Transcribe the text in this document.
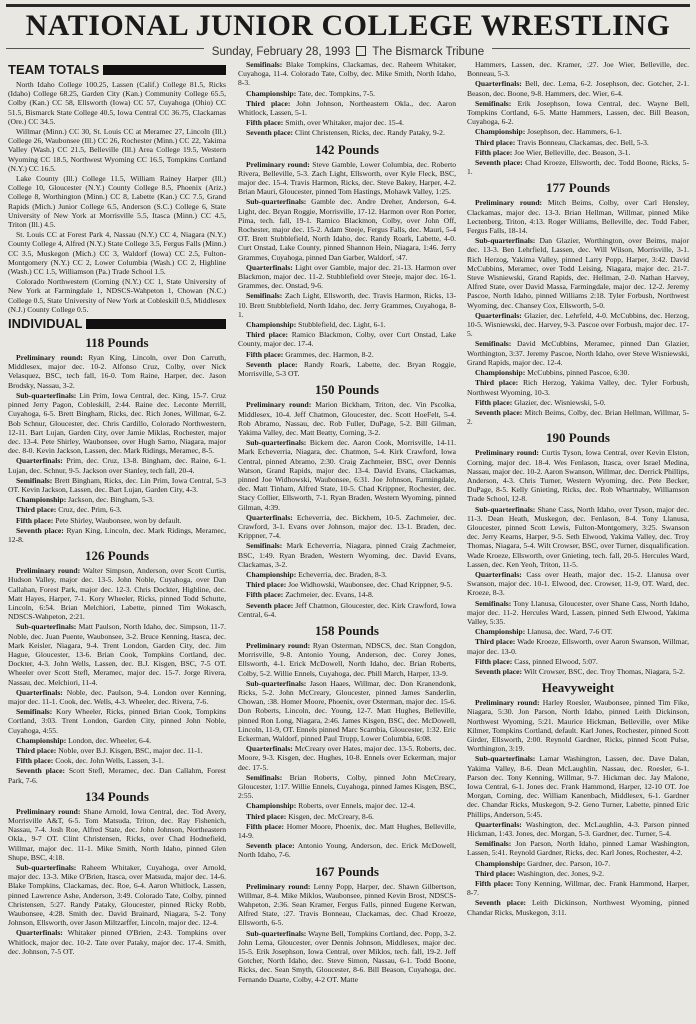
NATIONAL JUNIOR COLLEGE WRESTLING
Sunday, February 28, 1993 The Bismarck Tribune
TEAM TOTALS

North Idaho College 100.25, Lassen (Calif.) College 81.5, Ricks (Idaho) College 68.25, Garden City (Kan.) Community College 65.5, Colby (Kan.) CC 58, Ellsworth (Iowa) CC 57, Cuyahoga (Ohio) CC 51.5, Bismarck State College 40.5, Iowa Central CC 36.75, Clackamas (Ore.) CC 34.5.

Willmar (Minn.) CC 30, St. Louis CC at Meramec 27, Lincoln (Ill.) College 26, Waubonsee (Ill.) CC 26, Rochester (Minn.) CC 22, Yakima Valley (Wash.) CC 21.5, Belleville (Ill.) Area College 19.5, Western Wyoming CC 18.5, Northwest Wyoming CC 16.5, Tompkins Cortland (N.Y.) CC 16.5.

Lake County (Ill.) College 11.5, William Rainey Harper (Ill.) College 10, Gloucester (N.Y.) County College 8.5, Phoenix (Ariz.) College 8, Worthington (Minn.) CC 8, Labette (Kan.) CC 7.5, Grand Rapids (Mich.) Junior College 6.5, Anderson (S.C.) College 6, State University of New York at Morrisville 5.5, Itasca (Minn.) CC 4.5, Triton (Ill.) 4.5.

St. Louis CC at Forest Park 4, Nassau (N.Y.) CC 4, Niagara (N.Y.) County College 4, Alfred (N.Y.) State College 3.5, Fergus Falls (Minn.) CC 3.5, Muskegon (Mich.) CC 3, Waldorf (Iowa) CC 2.5, Fulton-Montgomery (N.Y.) CC 2, Lower Columbia (Wash.) CC 2, Highline (Wash.) CC 1.5, Williamson (Pa.) Trade School 1.5.

Colorado Northwestern (Corning (N.Y.) CC 1, State University of New York at Farmingdale 1, NDSCS-Wahpeton 1, Chowan (N.C.) College 0.5, State University of New York at Cobleskill 0.5, Middlesex (N.J.) County College 0.5.

INDIVIDUAL
118 Pounds

Preliminary round: Ryan King, Lincoln, over Don Carruth, Middlesex, major dec. 10-2. Alfonso Cruz, Colby, over Nick Velasquez, BSC, tech fall, 16-0. Tom Raine, Harper, dec. Jason Brodsky, Nassau, 3-2.

Sub-quarterfinals: Lin Prim, Iowa Central, dec. King, 15-7. Cruz pinned Jerry Pagon, Cobleskill, 2:44. Raine dec. Leconte Merrill, Cuyahoga, 6-5. Brett Bingham, Ricks, dec. Rich Jones, Willmar, 6-2. Bob Schnur, Gloucester, dec. Chris Cardillo, Colorado Northwestern, 12-11. Bart Lujan, Garden City, over Jamie Miklas, Rochester, major dec. 13-4. Pete Shirley, Waubonsee, over Hugh Sarno, Niagara, major dec. 8-0. Kevin Jackson, Lassen, dec. Mark Ridings, Meramec, 8-5.

Quarterfinals: Prim, dec. Cruz, 13-8. Bingham, dec. Raine, 6-1. Lujan, dec. Schnur, 9-5. Jackson over Stanley, tech fall, 20-4.

Semifinals: Brett Bingham, Ricks, dec. Lin Prim, Iowa Central, 5-3 OT. Kevin Jackson, Lassen, dec. Bart Lujan, Garden City, 4-3.

Championship: Jackson, dec. Bingham, 5-3.

Third place: Cruz, dec. Prim, 6-3.

Fifth place: Pete Shirley, Waubonsee, won by default.

Seventh place: Ryan King, Lincoln, dec. Mark Ridings, Meramec, 12-8.

126 Pounds

Preliminary round: Walter Simpson, Anderson, over Scott Curtis, Hudson Valley, major dec. 13-5. John Noble, Cuyahoga, over Dan Callahan, Forest Park, major dec. 12-3. Chris Dockter, Highline, dec. Matt Hayes, Harper, 7-1. Kory Wheeler, Ricks, pinned Todd Schutte, Lincoln, 6:54. Brian Melchiori, Labette, pinned Tim Wokasch, NDSCS-Wahpeton, 2:21.

Sub-quarterfinals: Matt Paulson, North Idaho, dec. Simpson, 11-7. Noble, dec. Juan Puente, Waubonsee, 3-2. Bruce Kenning, Itasca, dec. Mark Keisler, Niagara, 9-4. Trent London, Garden City, dec. Jim Hague, Gloucester, 13-6. Brian Cook, Tompkins Cortland, dec. Dockter, 4-3. John Wells, Lassen, dec. B.J. Kisgen, BSC, 7-5 OT. Wheeler over Scott Stefl, Meramec, major dec. 15-7. Jorge Rivera, Nassau, dec. Melchiori, 11-4.

Quarterfinals: Noble, dec. Paulson, 9-4. London over Kenning, major dec. 11-1. Cook, dec. Wells, 4-3. Wheeler, dec. Rivera, 7-6.

Semifinals: Kory Wheeler, Ricks, pinned Brian Cook, Tompkins Cortland, 3:03. Trent London, Garden City, pinned John Noble, Cuyahoga, 4:55.

Championship: London, dec. Wheeler, 6-4.

Third place: Noble, over B.J. Kisgen, BSC, major dec. 11-1.

Fifth place: Cook, dec. John Wells, Lassen, 3-1.

Seventh place: Scott Stefl, Meramec, dec. Dan Callahm, Forest Park, 7-6.

134 Pounds

Preliminary round: Shane Arnold, Iowa Central, dec. Tod Avery, Morrisville A&T, 6-5. Tom Matsuda, Triton, dec. Ray Fishenich, Nassau, 7-4. Josh Roe, Alfred State, dec. John Johnson, Northeastern Okla., 9-7 OT. Clint Christensen, Ricks, over Chad Hodnefield, Willmar, major dec. 11-1. Mike Smith, North Idaho, pinned Glen Shupe, BSC, 4:18.

Sub-quarterfinals: Raheem Whitaker, Cuyahoga, over Arnold, major dec. 13-3. Mike O'Brien, Itasca, over Matsuda, major dec. 14-6. Blake Tompkins, Clackamas, dec. Roe, 6-4. Aaron Whitlock, Lassen, pinned Lawrence Ashe, Anderson, 3:49. Colorado Tate, Colby, pinned Christensen, 5:27. Randy Pataky, Gloucester, pinned Ricky Robb, Waubonsee, 4:28. Smith dec. David Brainard, Niagara, 5-2. Tony Johnson, Ellsworth, over Jason Miltzarffer, Lincoln, major dec. 12-4.

Quarterfinals: Whitaker pinned O'Brien, 2:43. Tompkins over Whitlock, major dec. 10-2. Tate over Pataky, major dec. 17-4. Smith, dec. Johnson, 7-5 OT.

Semifinals: Blake Tompkins, Clackamas, dec. Raheem Whitaker, Cuyahoga, 11-4. Colorado Tate, Colby, dec. Mike Smith, North Idaho, 8-3.

Championship: Tate, dec. Tompkins, 7-5.

Third place: John Johnson, Northeastern Okla., dec. Aaron Whitlock, Lassen, 5-1.

Fifth place: Smith, over Whitaker, major dec. 15-4.

Seventh place: Clint Christensen, Ricks, dec. Randy Pataky, 9-2.

142 Pounds

Preliminary round: Steve Gamble, Lower Columbia, dec. Roberto Rivera, Belleville, 5-3. Zach Light, Ellsworth, over Kyle Fleck, BSC, major dec. 15-4. Travis Harmon, Ricks, dec. Steve Bakey, Harper, 4-2. Brian Mauri, Gloucester, pinned Tom Hastings, Mohawk Valley, 1:25.

Sub-quarterfinals: Gamble dec. Andre Dreher, Anderson, 6-4. Light, dec. Bryan Roggie, Morrisville, 17-12. Harmon over Ron Porter, Pima, tech. fall, 19-1. Ramico Blackmon, Colby, over John Off, Rochester, major dec. 15-2. Adam Steeje, Fergus Falls, dec. Mauri, 5-4 OT. Brett Stubblefield, North Idaho, dec. Randy Roark, Labette, 4-0. Curt Onstad, Lake County, pinned Shannon Hein, Niagara, 1:46. Jerry Grammes, Cuyahoga, pinned Dan Garber, Waldorf, :47.

Quarterfinals: Light over Gamble, major dec. 21-13. Harmon over Blackmon, major dec. 11-2. Stubblefield over Steeje, major dec. 16-1. Grammes, dec. Onstad, 9-6.

Semifinals: Zach Light, Ellsworth, dec. Travis Harmon, Ricks, 13-10. Brett Stubblefield, North Idaho, dec. Jerry Grammes, Cuyahoga, 8-1.

Championship: Stubblefield, dec. Light, 6-1.

Third place: Ramico Blackmon, Colby, over Curt Onstad, Lake County, major dec. 17-4.

Fifth place: Grammes, dec. Harmon, 8-2.

Seventh place: Randy Roark, Labette, dec. Bryan Roggie, Morrisville, 5-3 OT.

150 Pounds

Preliminary round: Marion Bickham, Triton, dec. Vin Pscolka, Middlesex, 10-4. Jeff Chatmon, Gloucester, dec. Scott HoeFelt, 5-4. Rob Abramo, Nassau, dec. Rob Fuller, DuPage, 5-2. Bill Gilman, Yakima Valley, dec. Matt Beatty, Corning, 3-2.

Sub-quarterfinals: Bickem dec. Aaron Cook, Morrisville, 14-11. Mark Echeverria, Niagara, dec. Chatmon, 5-4. Kirk Crawford, Iowa Central, pinned Abramo, 2:30. Craig Zachmeier, BSC, over Dennis Watson, Grand Rapids, major dec. 13-4. David Evans, Clackamas, pinned Joe Widhowski, Waubonsee, 6:31. Joe Johnson, Farmingdale, dec. Matt Tinham, Alfred State, 10-5. Chad Krippner, Rochester, dec. Stacy Collier, Ellsworth, 7-1. Ryan Braden, Western Wyoming, pinned Gilman, 4:39.

Quarterfinals: Echeverria, dec. Bickhem, 10-5. Zachmeier, dec. Crawford, 3-1. Evans over Johnson, major dec. 13-1. Braden, dec. Krippner, 7-4.

Semifinals: Mark Echeverria, Niagara, pinned Craig Zachmeier, BSC, 1:49. Ryan Braden, Western Wyoming, dec. David Evans, Clackamas, 3-2.

Championship: Echeverria, dec. Braden, 8-3.

Third place: Joe Widhowski, Waubonsee, dec. Chad Krippner, 9-5.

Fifth place: Zachmeier, dec. Evans, 14-8.

Seventh place: Jeff Chatmon, Gloucester, dec. Kirk Crawford, Iowa Central, 6-4.

158 Pounds

Preliminary round: Ryan Osterman, NDSCS, dec. Stan Congdon, Morrisville, 9-8. Antonio Young, Anderson, dec. Corey Jones, Ellsworth, 4-1. Erick McDowell, North Idaho, dec. Brian Roberts, Colby, 5-2. Willie Ennels, Cuyahoga, dec. Phill March, Harper, 13-9.

Sub-quarterfinals: Jason Haaes, Willmar, dec. Don Kranendonk, Ricks, 5-2. John McCreary, Gloucester, pinned James Sanderlin, Chowan, :38. Homer Moore, Phoenix, over Osterman, major dec. 15-6. Don Roberts, Lincoln, dec. Young, 12-7. Matt Hughes, Belleville, pinned Ron Long, Niagara, 2:46. James Kisgen, BSC, dec. McDowell, Lincoln, 11-9, OT. Ennels pinned Marc Scambia, Gloucester, 1:32. Eric Eckerman, Waldorf, pinned Paul Trupp, Lower Columbia, 6:08.

Quarterfinals: McCreary over Hates, major dec. 13-5. Roberts, dec. Moore, 9-3. Kisgen, dec. Hughes, 10-8. Ennels over Eckerman, major dec. 17-5.

Semifinals: Brian Roberts, Colby, pinned John McCreary, Gloucester, 1:17. Willie Ennels, Cuyahoga, pinned James Kisgen, BSC, 2:55.

Championship: Roberts, over Ennels, major dec. 12-4.

Third place: Kisgen, dec. McCreary, 8-6.

Fifth place: Homer Moore, Phoenix, dec. Matt Hughes, Belleville, 14-9.

Seventh place: Antonio Young, Anderson, dec. Erick McDowell, North Idaho, 7-6.

167 Pounds

Preliminary round: Lenny Popp, Harper, dec. Shawn Gilbertson, Willmar, 8-4. Mike Miklos, Waubonsee, pinned Kevin Brost, NDSCS-Wahpeton, 2:36. Sean Kramer, Fergus Falls, pinned Eugene Kerwan, Alfred State, :27. Travis Bonneau, Clackamas, dec. Chad Kroeze, Ellsworth, 6-5.

Sub-quarterfinals: Wayne Bell, Tompkins Cortland, dec. Popp, 3-2. John Lema, Gloucester, over Dennis Johnson, Middlesex, major dec. 15-5. Erik Josephson, Iowa Central, over Miklos, tech. fall, 19-2. Jeff Gotcher, North Idaho, dec. Steve Simon, Nassau, 6-1. Todd Boone, Ricks, dec. Sean Smyth, Gloucester, 8-6. Bill Beason, Cuyahoga, dec. Fernando Duarte, Colby, 4-2 OT. Matte

Hammers, Lassen, dec. Kramer, :27. Joe Wier, Belleville, dec. Bonneau, 5-3.

Quarterfinals: Bell, dec. Lema, 6-2. Josephson, dec. Gotcher, 2-1. Beason, dec. Boone, 9-8. Hammers, dec. Wier, 6-4.

Semifinals: Erik Josephson, Iowa Central, dec. Wayne Bell, Tompkins Cortland, 6-5. Matte Hammers, Lassen, dec. Bill Beason, Cuyahoga, 6-2.

Championship: Josephson, dec. Hammers, 6-1.

Third place: Travis Bonneau, Clackamas, dec. Bell, 5-3.

Fifth place: Joe Wier, Belleville, dec. Beason, 3-1.

Seventh place: Chad Kroeze, Ellsworth, dec. Todd Boone, Ricks, 5-1.

177 Pounds

Preliminary round: Mitch Beims, Colby, over Carl Hensley, Clackamas, major dec. 13-3. Brian Hellman, Willmar, pinned Mike Lectenberg, Triton, 4:13. Roger Williams, Belleville, dec. Todd Faber, Fergus Falls, 18-14.

Sub-quarterfinals: Dan Glazier, Worthington, over Beims, major dec. 13-3. Ben Lehrfield, Lassen, dec. Will Wilson, Morrisville, 3-1. Rich Herzog, Yakima Valley, pinned Larry Popp, Harper, 3:42. David McCubbins, Meramec, over Todd Leising, Niagara, major dec. 21-7. Steve Wisniewski, Grand Rapids, dec. Hellman, 2-0. Nathan Harvey, Alfred State, over David Massa, Farmingdale, major dec. 12-2. Jeremy Pascoe, North Idaho, pinned Williams 2:18. Tyler Forbush, Northwest Wyoming, dec. Chansey Cox, Ellsworth, 5-0.

Quarterfinals: Glazier, dec. Lehrfeld, 4-0. McCubbins, dec. Herzog, 10-5. Wisniewski, dec. Harvey, 9-3. Pascoe over Forbush, major dec. 17-5.

Semifinals: David McCubbins, Meramec, pinned Dan Glazier, Worthington, 3:37. Jeremy Pascoe, North Idaho, over Steve Wisniewski, Grand Rapids, major dec. 12-4.

Championship: McCubbins, pinned Pascoe, 6:30.

Third place: Rich Herzog, Yakima Valley, dec. Tyler Forbush, Northwest Wyoming, 10-3.

Fifth place: Glazier, dec. Wisniewski, 5-0.

Seventh place: Mitch Beims, Colby, dec. Brian Hellman, Willmar, 5-2.

190 Pounds

Preliminary round: Curtis Tyson, Iowa Central, over Kevin Elston, Corning, major dec. 18-4. Wes Fenlason, Itasca, over Israel Medina, Nassau, major dec. 10-2. Aaron Swanson, Willmar, dec. Derrick Phillips, Anderson, 4-3. Chris Turner, Western Wyoming, dec. Pete Becker, DuPage, 8-5. Kelly Gnieting, Ricks, dec. Rob Whartnaby, Williamson Trade School, 12-8.

Sub-quarterfinals: Shane Cass, North Idaho, over Tyson, major dec. 11-3. Dean Heath, Muskegon, dec. Fenlason, 8-4. Tony Llanusa, Gloucester, pinned Scott Lewis, Fulton-Montgomery, 3:25. Swanson dec. Jerry Kearns, Harper, 9-5. Seth Elwood, Yakima Valley, dec. Troy Thomas, Niagara, 5-4. Wilt Crowser, BSC, over Turner, disqualification. Wade Kroeze, Ellsworth, over Gnieting, tech. fall, 20-5. Hercules Ward, Lassen, dec. Ken Yeoh, Triton, 11-5.

Quarterfinals: Cass over Heath, major dec. 15-2. Llanusa over Swanson, major dec. 10-1. Elwood, dec. Crowser, 11-9, OT. Ward, dec. Kroeze, 8-3.

Semifinals: Tony Llanusa, Gloucester, over Shane Cass, North Idaho, major dec. 11-2. Hercules Ward, Lassen, pinned Seth Elwood, Yakima Valley, 5:35.

Championship: Llanusa, dec. Ward, 7-6 OT.

Third place: Wade Kroeze, Ellsworth, over Aaron Swanson, Willmar, major dec. 13-0.

Fifth place: Cass, pinned Elwood, 5:07.

Seventh place: Wilt Crowser, BSC, dec. Troy Thomas, Niagara, 5-2.

Heavyweight

Preliminary round: Harley Roesler, Waubonsee, pinned Tim Fike, Niagara, 5:30. Jon Parson, North Idaho, pinned Leith Dickinson, Northwest Wyoming, 5:21. Maurice Hickman, Belleville, over Mike Kilmer, Tompkins Cortland, default. Karl Jones, Rochester, pinned Scott Girder, Ellsworth, 2:00. Reynold Gardner, Ricks, pinned Scott Pulse, Worthington, 3:19.

Sub-quarterfinals: Lamar Washington, Lassen, dec. Dave Dalan, Yakima Valley, 8-6. Dean McLaughlin, Nassau, dec. Roesler, 6-1. Parson dec. Tony Kenning, Willmar, 9-7. Hickman dec. Jay Malone, Iowa Central, 6-1. Jones dec. Frank Hammond, Harper, 12-10 OT. Joe Morgan, Corning, dec. William Kanenbach, Middlesex, 6-1. Gardner dec. Chandar Ricks, Muskegon, 9-2. Geno Turner, Labette, pinned Eric Phillips, Anderson, 5:45.

Quarterfinals: Washington, dec. McLaughlin, 4-3. Parson pinned Hickman, 1:43. Jones, dec. Morgan, 5-3. Gardner, dec. Turner, 5-4.

Semifinals: Jon Parson, North Idaho, pinned Lamar Washington, Lassen, 5:41. Reynold Gardner, Ricks, dec. Karl Jones, Rochester, 4-2.

Championship: Gardner, dec. Parson, 10-7.

Third place: Washington, dec. Jones, 9-2.

Fifth place: Tony Kenning, Willmar, dec. Frank Hammond, Harper, 8-7.

Seventh place: Leith Dickinson, Northwest Wyoming, pinned Chandar Ricks, Muskegon, 3:11.
